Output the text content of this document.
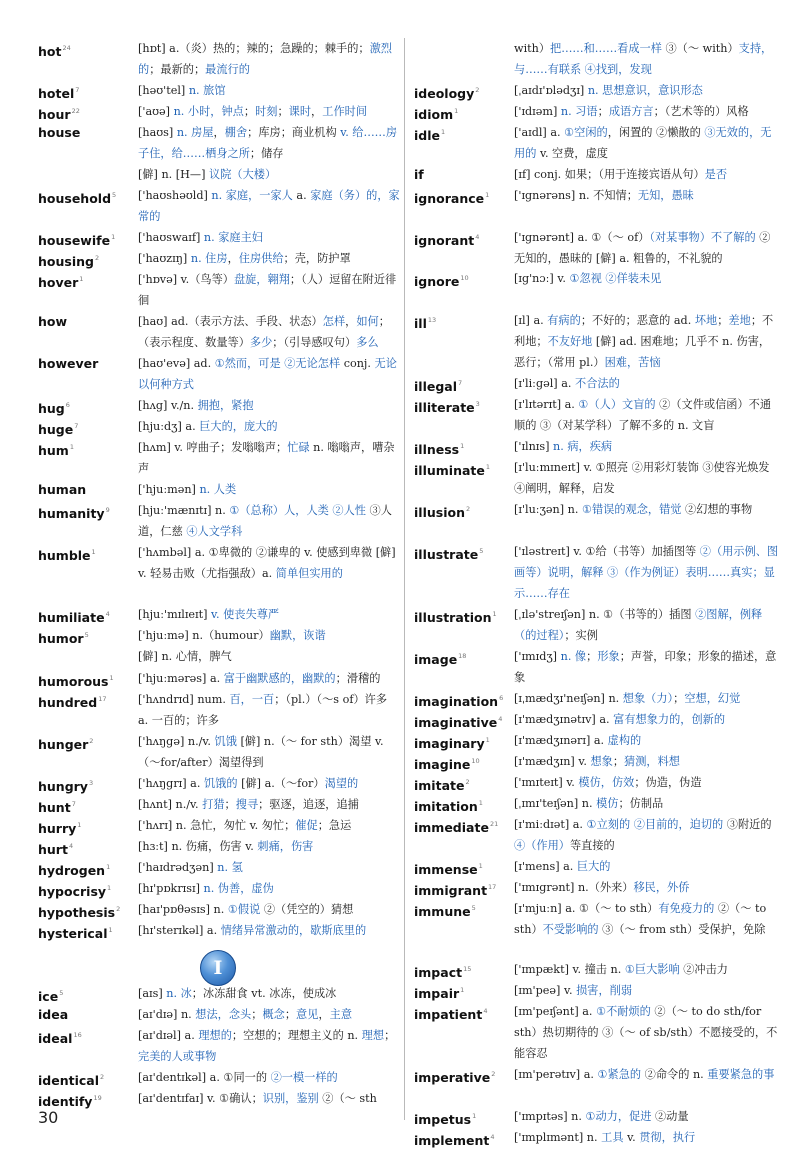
hot$^{24}$	[hɒt] a.（炎）热的；辣的；急躁的；棘手的；激烈的；最新的；最流行的
hotel$^7$	[həʊ'tel] n. 旅馆
hour$^{22}$	['aʊə] n. 小时，钟点；时刻；课时，工作时间
house	[haʊs] n. 房屋，棚舍；库房；商业机构 v. 给……房子住，给……栖身之所；储存
[僻] n. [H—] 议院（大楼）
household$^5$ ['haʊshəʊld] n. 家庭，一家人 a. 家庭（务）的，家常的
housewife$^1$ ['haʊswaɪf] n. 家庭主妇
housing$^2$	['haʊzɪŋ] n. 住房，住房供给；壳，防护罩
hover$^1$	['hɒvə] v.（鸟等）盘旋，翱翔；（人）逗留在附近徘徊
how	[haʊ] ad.（表示方法、手段、状态）怎样，如何；（表示程度、数量等）多少；（引导感叹句）多么
however	[haʊ'evə] ad. ①然而，可是 ②无论怎样 conj. 无论以何种方式
hug$^6$	[hʌg] v./n. 拥抱，紧抱
huge$^7$	[hjuːdʒ] a. 巨大的，庞大的
hum$^1$	[hʌm] v. 哼曲子；发嗡嗡声；忙碌 n. 嗡嗡声，嘈杂声
human	['hjuːmən] n. 人类
humanity$^9$	[hjuː'mænɪtɪ] n. ①（总称）人，人类 ②人性 ③人道，仁慈 ④人文学科
humble$^1$	['hʌmbəl] a. ①卑微的 ②谦卑的 v. 使感到卑微 [僻] v. 轻易击败（尤指强敌）a. 简单但实用的
humiliate$^4$	[hjuː'mɪlɪeɪt] v. 使丧失尊严
humor$^5$	['hjuːmə] n.（humour）幽默，诙谐
[僻] n. 心情，脾气
humorous$^1$ ['hjuːmərəs] a. 富于幽默感的，幽默的；滑稽的
hundred$^{17}$	['hʌndrɪd] num. 百，一百；（pl.）（～s of）许多 a. 一百的；许多
hunger$^2$	['hʌŋgə] n./v. 饥饿 [僻] n.（～ for sth）渴望 v.（～for/after）渴望得到
hungry$^3$	['hʌŋgrɪ] a. 饥饿的 [僻] a.（～for）渴望的
hunt$^7$	[hʌnt] n./v. 打猎；搜寻；驱逐，追逐，追捕
hurry$^1$	['hʌrɪ] n. 急忙，匆忙 v. 匆忙；催促；急运
hurt$^4$	[hɜːt] n. 伤痛，伤害 v. 刺痛，伤害
hydrogen$^1$ ['haɪdrədʒən] n. 氢
hypocrisy$^1$ [hɪ'pɒkrɪsɪ] n. 伪善，虚伪
hypothesis$^2$ [haɪ'pɒθəsɪs] n. ①假说 ②（凭空的）猜想
hysterical$^1$ [hɪ'sterɪkəl] a. 情绪异常激动的，歇斯底里的
ice$^5$	[aɪs] n. 冰；冰冻甜食 vt. 冰冻，使成冰
idea	[aɪ'dɪə] n. 想法，念头；概念；意见，主意
ideal$^{16}$	[aɪ'dɪəl] a. 理想的；空想的；理想主义的 n. 理想；完美的人或事物
identical$^2$	[aɪ'dentɪkəl] a. ①同一的 ②一模一样的
identify$^{19}$	[aɪ'dentɪfaɪ] v. ①确认；识别，鉴别 ②（～ sth
with）把……和……看成一样 ③（～ with）支持，与……有联系 ④找到，发现
ideology$^2$	[ˌaɪdɪ'ɒlədʒɪ] n. 思想意识，意识形态
idiom$^1$	['ɪdɪəm] n. 习语；成语方言；（艺术等的）风格
idle$^1$	['aɪdl] a. ①空闲的，闲置的 ②懒散的 ③无效的，无用的 v. 空费，虚度
if	[ɪf] conj. 如果；（用于连接宾语从句）是否
ignorance$^1$ ['ɪgnərəns] n. 不知情；无知，愚昧
ignorant$^4$	['ɪgnərənt] a. ①（～ of）（对某事物）不了解的 ②无知的，愚昧的 [僻] a. 粗鲁的，不礼貌的
ignore$^{10}$	[ɪg'nɔː] v. ①忽视 ②佯装未见
ill$^{13}$	[ɪl] a. 有病的；不好的；恶意的 ad. 坏地；差地；不利地；不友好地 [僻] ad. 困难地；几乎不 n. 伤害，恶行；（常用 pl.）困难，苦恼
illegal$^7$	[ɪ'liːgəl] a. 不合法的
illiterate$^3$	[ɪ'lɪtərɪt] a. ①（人）文盲的 ②（文件或信函）不通顺的 ③（对某学科）了解不多的 n. 文盲
illness$^1$	['ɪlnɪs] n. 病，疾病
illuminate$^1$ [ɪ'luːmɪneɪt] v. ①照亮 ②用彩灯装饰 ③使容光焕发 ④阐明，解释，启发
illusion$^2$	[ɪ'luːʒən] n. ①错误的观念，错觉 ②幻想的事物
illustrate$^5$	['ɪləstreɪt] v. ①给（书等）加插图等 ②（用示例、图画等）说明，解释 ③（作为例证）表明……真实；显示……存在
illustration$^1$ [ˌɪlə'streɪʃən] n. ①（书等的）插图 ②图解，例释（的过程）；实例
image$^{18}$	['ɪmɪdʒ] n. 像；形象；声誉，印象；形象的描述，意象
imagination$^6$ [ɪˌmædʒɪ'neɪʃən] n. 想象（力）；空想，幻觉
imaginative$^4$ [ɪ'mædʒɪnətɪv] a. 富有想象力的，创新的
imaginary$^1$ [ɪ'mædʒɪnərɪ] a. 虚构的
imagine$^{10}$	[ɪ'mædʒɪn] v. 想象；猜测，料想
imitate$^2$	['ɪmɪteɪt] v. 模仿，仿效；伪造，伪造
imitation$^1$	[ˌɪmɪ'teɪʃən] n. 模仿；仿制品
immediate$^{21}$ [ɪ'miːdɪət] a. ①立刻的 ②目前的，迫切的 ③附近的 ④（作用）等直接的
immense$^1$	[ɪ'mens] a. 巨大的
immigrant$^{17}$ ['ɪmɪgrənt] n.（外来）移民，外侨
immune$^5$	[ɪ'mjuːn] a. ①（～ to sth）有免疫力的 ②（～ to sth）不受影响的 ③（～ from sth）受保护，免除
impact$^{15}$	['ɪmpækt] v. 撞击 n. ①巨大影响 ②冲击力
impair$^1$	[ɪm'peə] v. 损害，削弱
impatient$^4$ [ɪm'peɪʃənt] a. ①不耐烦的 ②（～ to do sth/for sth）热切期待的 ③（～ of sb/sth）不愿接受的，不能容忍
imperative$^2$ [ɪm'perətɪv] a. ①紧急的 ②命令的 n. 重要紧急的事
impetus$^1$	['ɪmpɪtəs] n. ①动力，促进 ②动量
implement$^4$ ['ɪmplɪmənt] n. 工具 v. 贯彻，执行
I
30
